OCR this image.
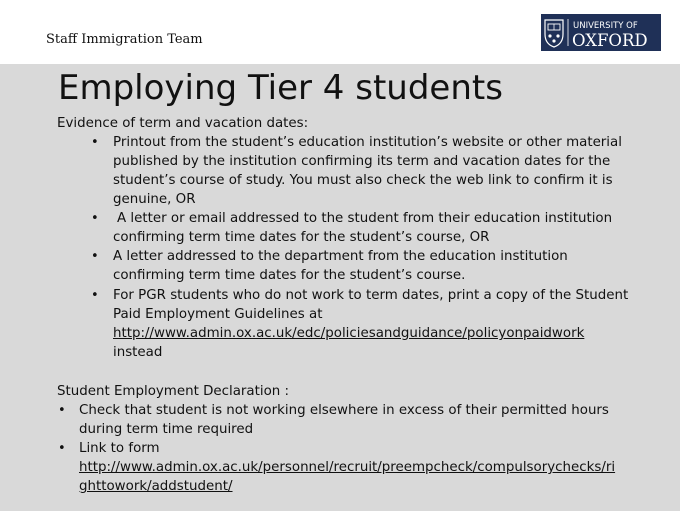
Staff Immigration Team
UNIVERSITY OF
OXFORD
Employing Tier 4 students
Evidence of term and vacation dates:
• Printout from the student’s education institution’s website or other material
published by the institution confirming its term and vacation dates for the
student’s course of study. You must also check the web link to confirm it is
genuine, OR
• A letter or email addressed to the student from their education institution
confirming term time dates for the student’s course, OR
• A letter addressed to the department from the education institution
confirming term time dates for the student’s course.
• For PGR students who do not work to term dates, print a copy of the Student
Paid Employment Guidelines at
http://www.admin.ox.ac.uk/edc/policiesandguidance/policyonpaidwork
instead
Student Employment Declaration :
• Check that student is not working elsewhere in excess of their permitted hours
during term time required
• Link to form
http://www.admin.ox.ac.uk/personnel/recruit/preempcheck/compulsorychecks/ri
ghttowork/addstudent/
